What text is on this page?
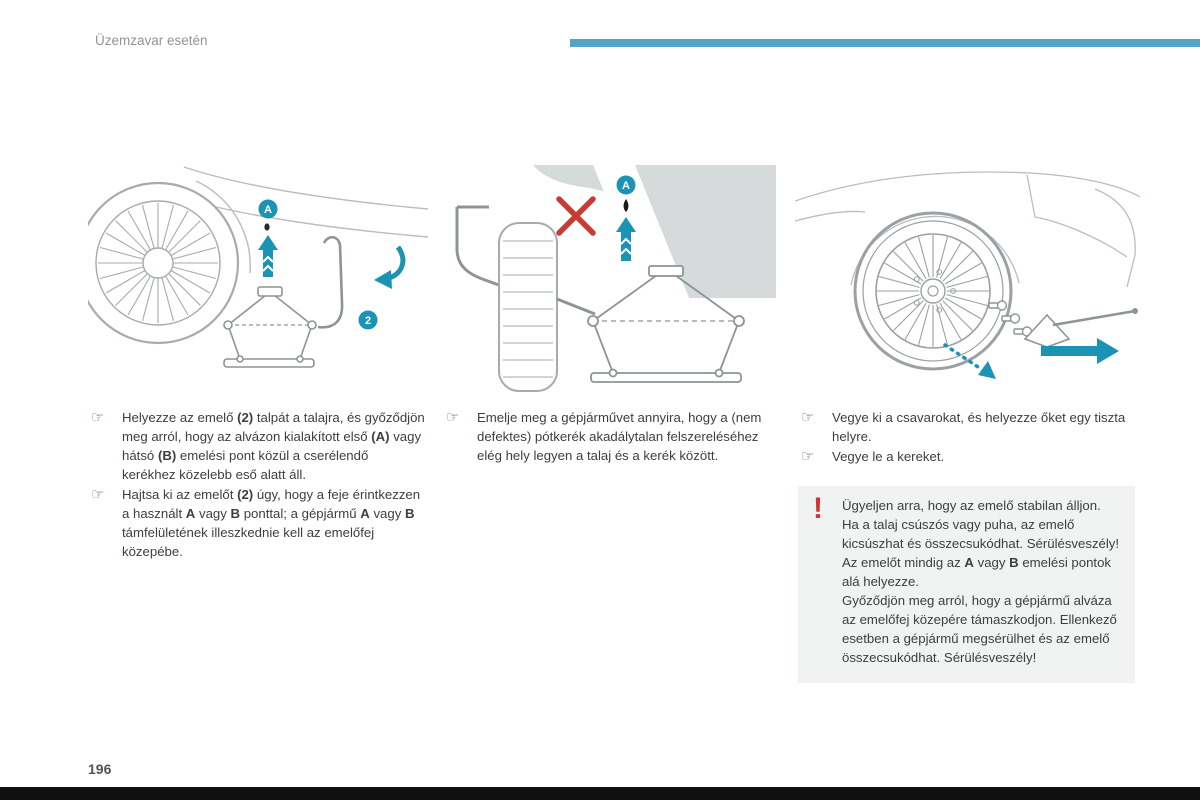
Üzemzavar esetén
A
2
A
☞	Helyezze az emelő (2) talpát a talajra, és győződjön meg arról, hogy az alvázon kialakított első (A) vagy hátsó (B) emelési pont közül a cserélendő kerékhez közelebb eső alatt áll.

☞	Hajtsa ki az emelőt (2) úgy, hogy a feje érintkezzen a használt A vagy B ponttal; a gépjármű A vagy B támfelületének illeszkednie kell az emelőfej közepébe.

☞	Emelje meg a gépjárművet annyira, hogy a (nem defektes) pótkerék akadálytalan felszereléséhez elég hely legyen a talaj és a kerék között.

☞	Vegye ki a csavarokat, és helyezze őket egy tiszta helyre.

☞	Vegye le a kereket.

!	Ügyeljen arra, hogy az emelő stabilan álljon.

Ha a talaj csúszós vagy puha, az emelő kicsúszhat és összecsukódhat. Sérülésveszély!

Az emelőt mindig az A vagy B emelési pontok alá helyezze.

Győződjön meg arról, hogy a gépjármű alváza az emelőfej közepére támaszkodjon. Ellenkező esetben a gépjármű megsérülhet és az emelő összecsukódhat. Sérülésveszély!

196
